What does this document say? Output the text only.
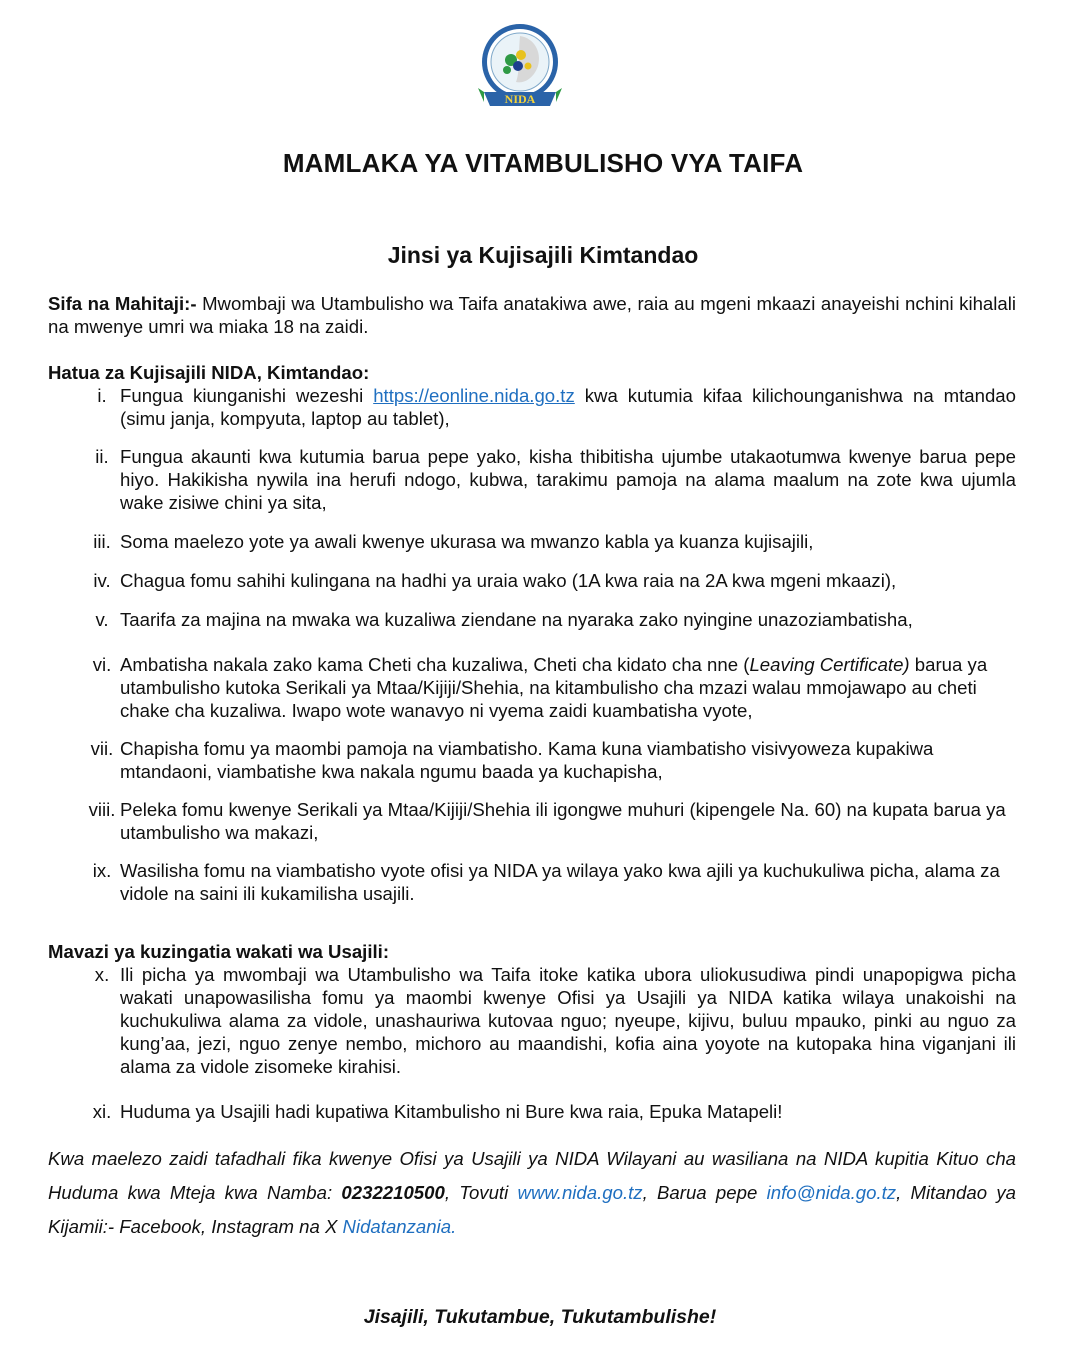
NIDA
MAMLAKA YA VITAMBULISHO VYA TAIFA
Jinsi ya Kujisajili Kimtandao

Sifa na Mahitaji:- Mwombaji wa Utambulisho wa Taifa anatakiwa awe, raia au mgeni mkaazi anayeishi nchini kihalali na mwenye umri wa miaka 18 na zaidi.

Hatua za Kujisajili NIDA, Kimtandao:

i. Fungua kiunganishi wezeshi https://eonline.nida.go.tz kwa kutumia kifaa kilichounganishwa na mtandao (simu janja, kompyuta, laptop au tablet),
ii. Fungua akaunti kwa kutumia barua pepe yako, kisha thibitisha ujumbe utakaotumwa kwenye barua pepe hiyo. Hakikisha nywila ina herufi ndogo, kubwa, tarakimu pamoja na alama maalum na zote kwa ujumla wake zisiwe chini ya sita,
iii. Soma maelezo yote ya awali kwenye ukurasa wa mwanzo kabla ya kuanza kujisajili,
iv. Chagua fomu sahihi kulingana na hadhi ya uraia wako (1A kwa raia na 2A kwa mgeni mkaazi),
v. Taarifa za majina na mwaka wa kuzaliwa ziendane na nyaraka zako nyingine unazoziambatisha,
vi. Ambatisha nakala zako kama Cheti cha kuzaliwa, Cheti cha kidato cha nne (Leaving Certificate) barua ya utambulisho kutoka Serikali ya Mtaa/Kijiji/Shehia, na kitambulisho cha mzazi walau mmojawapo au cheti chake cha kuzaliwa. Iwapo wote wanavyo ni vyema zaidi kuambatisha vyote,
vii. Chapisha fomu ya maombi pamoja na viambatisho. Kama kuna viambatisho visivyoweza kupakiwa mtandaoni, viambatishe kwa nakala ngumu baada ya kuchapisha,
viii. Peleka fomu kwenye Serikali ya Mtaa/Kijiji/Shehia ili igongwe muhuri (kipengele Na. 60) na kupata barua ya utambulisho wa makazi,
ix. Wasilisha fomu na viambatisho vyote ofisi ya NIDA ya wilaya yako kwa ajili ya kuchukuliwa picha, alama za vidole na saini ili kukamilisha usajili.

Mavazi ya kuzingatia wakati wa Usajili:

x. Ili picha ya mwombaji wa Utambulisho wa Taifa itoke katika ubora uliokusudiwa pindi unapopigwa picha wakati unapowasilisha fomu ya maombi kwenye Ofisi ya Usajili ya NIDA katika wilaya unakoishi na kuchukuliwa alama za vidole, unashauriwa kutovaa nguo; nyeupe, kijivu, buluu mpauko, pinki au nguo za kung’aa, jezi, nguo zenye nembo, michoro au maandishi, kofia aina yoyote na kutopaka hina viganjani ili alama za vidole zisomeke kirahisi.
xi. Huduma ya Usajili hadi kupatiwa Kitambulisho ni Bure kwa raia, Epuka Matapeli!

Kwa maelezo zaidi tafadhali fika kwenye Ofisi ya Usajili ya NIDA Wilayani au wasiliana na NIDA kupitia Kituo cha Huduma kwa Mteja kwa Namba: 0232210500, Tovuti www.nida.go.tz, Barua pepe info@nida.go.tz, Mitandao ya Kijamii:- Facebook, Instagram na X Nidatanzania.

Jisajili, Tukutambue, Tukutambulishe!
